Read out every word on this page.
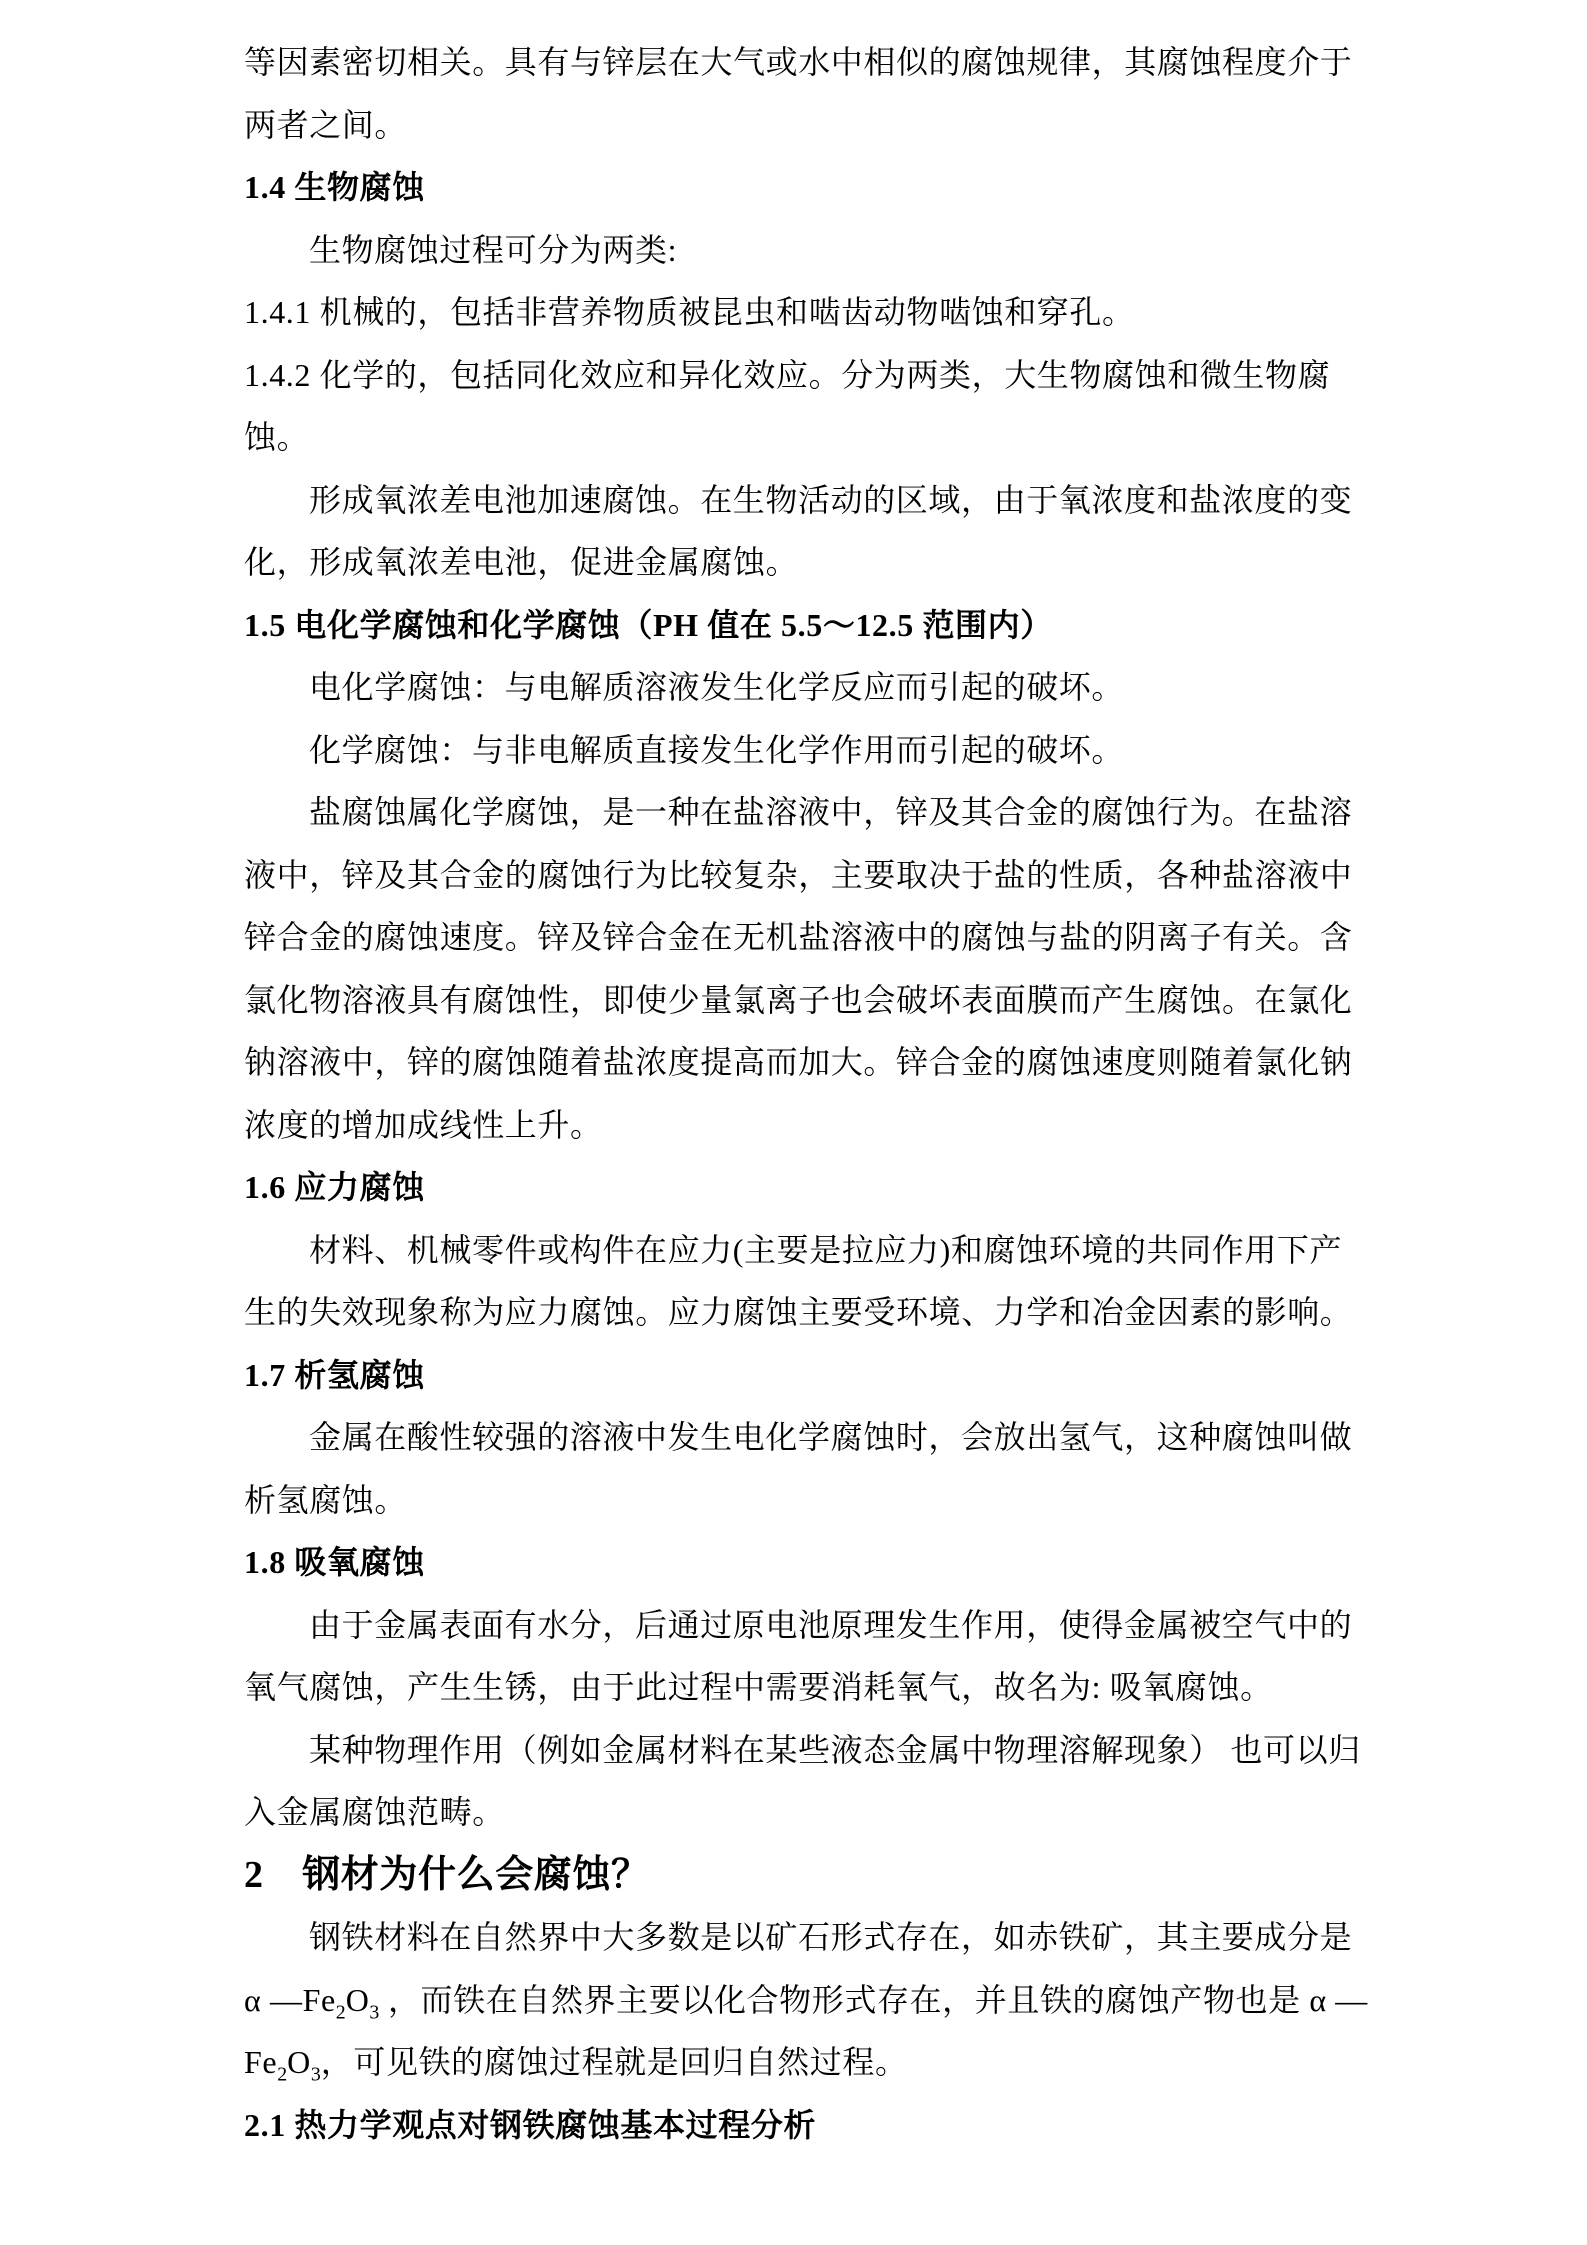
等因素密切相关。具有与锌层在大气或水中相似的腐蚀规律，其腐蚀程度介于
两者之间。
1.4 生物腐蚀
生物腐蚀过程可分为两类:
1.4.1 机械的，包括非营养物质被昆虫和啮齿动物啮蚀和穿孔。
1.4.2 化学的，包括同化效应和异化效应。分为两类，大生物腐蚀和微生物腐
蚀。
形成氧浓差电池加速腐蚀。在生物活动的区域，由于氧浓度和盐浓度的变
化，形成氧浓差电池，促进金属腐蚀。
1.5 电化学腐蚀和化学腐蚀（PH 值在 5.5～12.5 范围内）
电化学腐蚀：与电解质溶液发生化学反应而引起的破坏。
化学腐蚀：与非电解质直接发生化学作用而引起的破坏。
盐腐蚀属化学腐蚀，是一种在盐溶液中，锌及其合金的腐蚀行为。在盐溶
液中，锌及其合金的腐蚀行为比较复杂，主要取决于盐的性质，各种盐溶液中
锌合金的腐蚀速度。锌及锌合金在无机盐溶液中的腐蚀与盐的阴离子有关。含
氯化物溶液具有腐蚀性，即使少量氯离子也会破坏表面膜而产生腐蚀。在氯化
钠溶液中，锌的腐蚀随着盐浓度提高而加大。锌合金的腐蚀速度则随着氯化钠
浓度的增加成线性上升。
1.6 应力腐蚀
材料、机械零件或构件在应力(主要是拉应力)和腐蚀环境的共同作用下产
生的失效现象称为应力腐蚀。应力腐蚀主要受环境、力学和冶金因素的影响。
1.7 析氢腐蚀
金属在酸性较强的溶液中发生电化学腐蚀时，会放出氢气，这种腐蚀叫做
析氢腐蚀。
1.8 吸氧腐蚀
由于金属表面有水分，后通过原电池原理发生作用，使得金属被空气中的
氧气腐蚀，产生生锈，由于此过程中需要消耗氧气，故名为: 吸氧腐蚀。
某种物理作用（例如金属材料在某些液态金属中物理溶解现象） 也可以归
入金属腐蚀范畴。
2　钢材为什么会腐蚀？
钢铁材料在自然界中大多数是以矿石形式存在，如赤铁矿，其主要成分是
α $—Fe_2O_3$ ，而铁在自然界主要以化合物形式存在，并且铁的腐蚀产物也是 α —
$Fe_2O_3$，可见铁的腐蚀过程就是回归自然过程。
2.1 热力学观点对钢铁腐蚀基本过程分析
